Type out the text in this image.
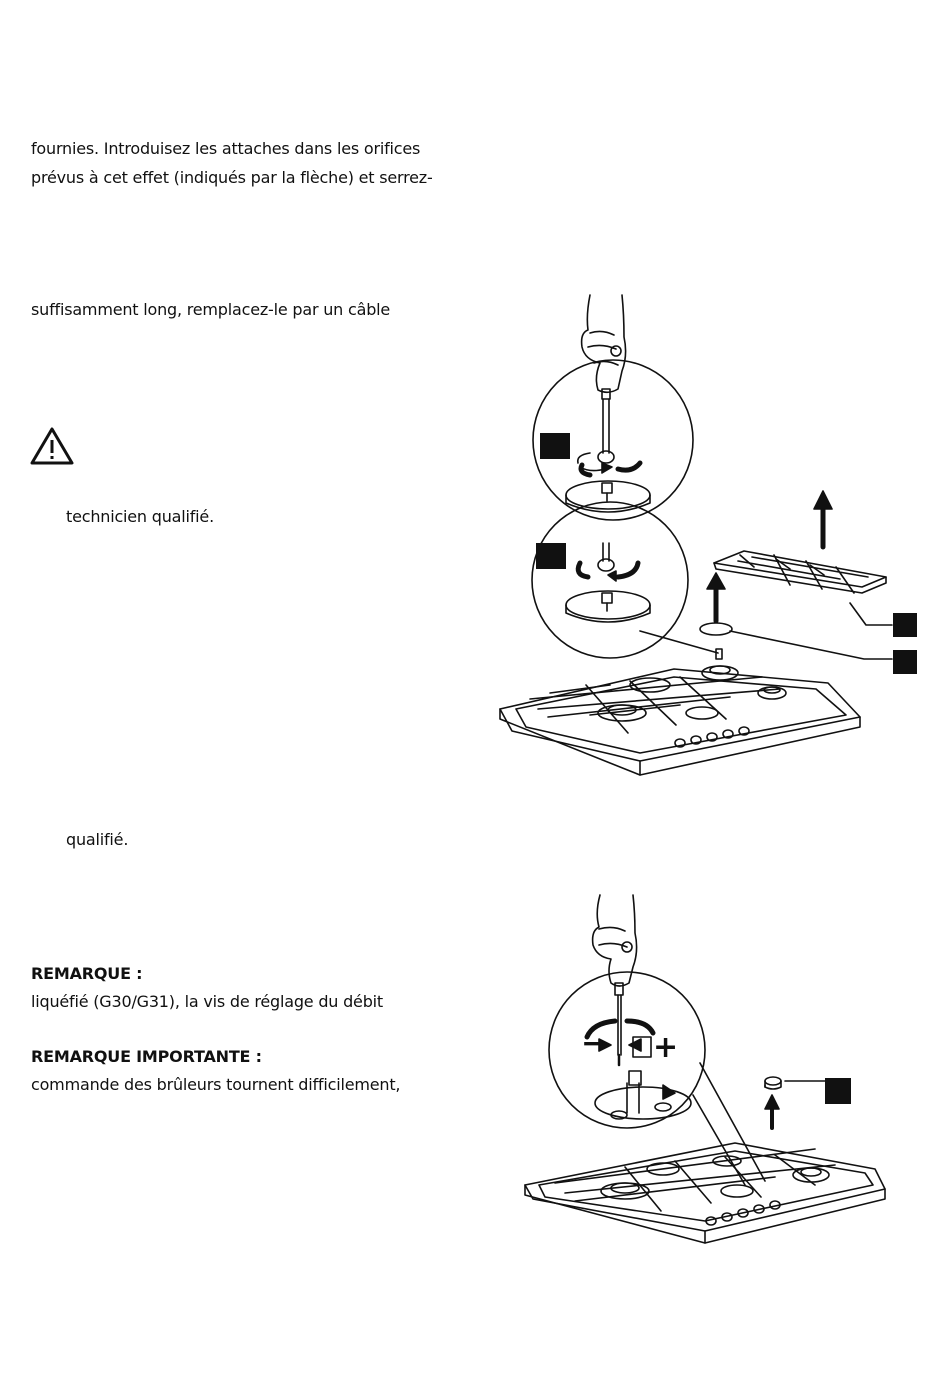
fournies. Introduisez les attaches dans les orifices

prévus à cet effet (indiqués par la flèche) et serrez-

suffisamment long, remplacez-le par un câble

technicien qualifié.

qualifié.

REMARQUE :

liquéfié (G30/G31), la vis de réglage du débit

REMARQUE IMPORTANTE :

commande des brûleurs tournent difficilement,

− +
